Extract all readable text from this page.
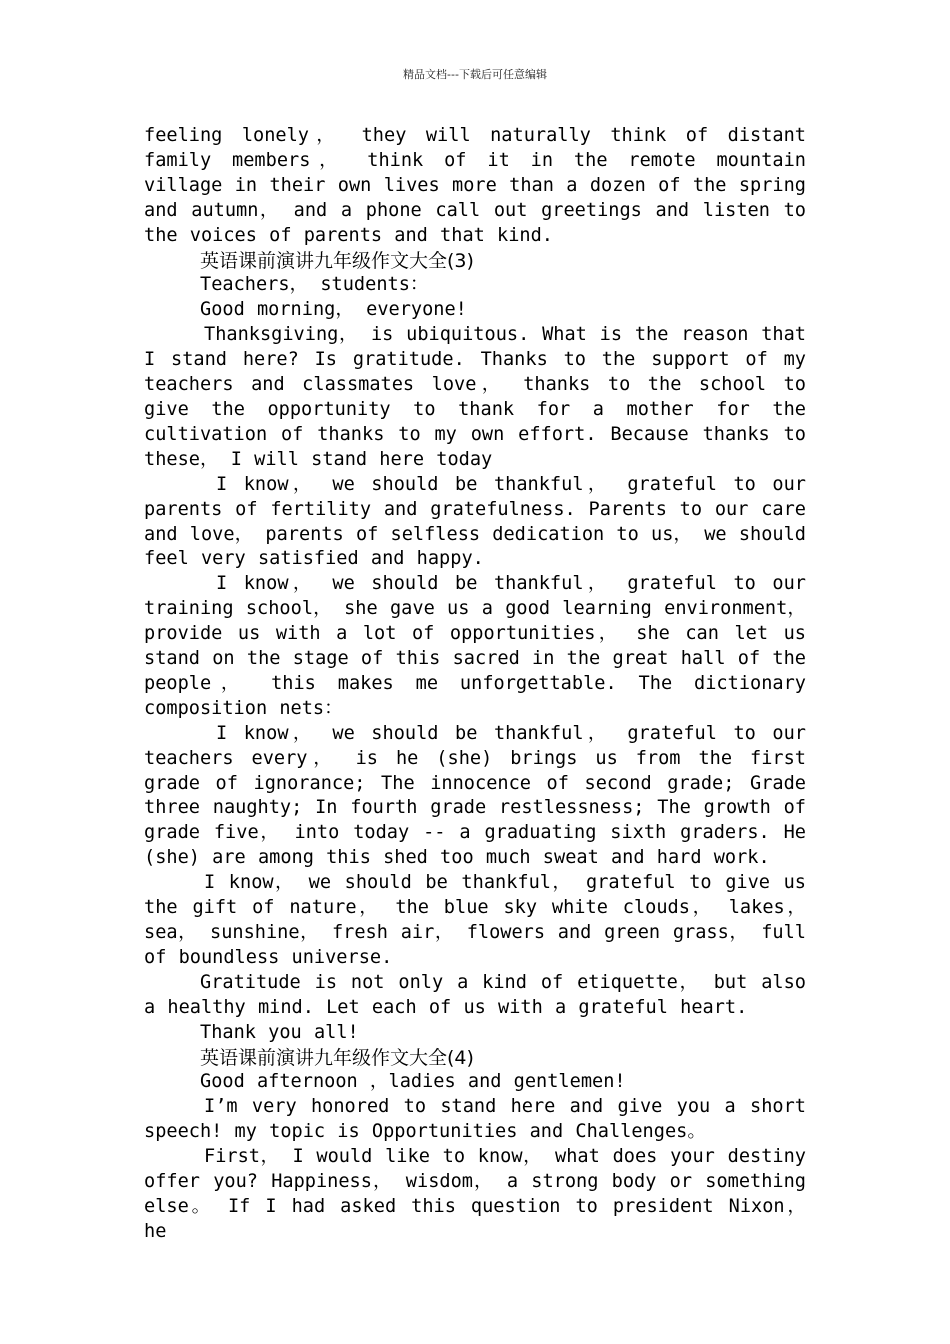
精品文档---下载后可任意编辑

feeling lonely， they will naturally think of distant family members， think of it in the remote mountain village in their own lives more than a dozen of the spring and autumn， and a phone call out greetings and listen to the voices of parents and that kind.

英语课前演讲九年级作文大全(3)

Teachers， students：

Good morning， everyone!

Thanksgiving， is ubiquitous. What is the reason that I stand here? Is gratitude. Thanks to the support of my teachers and classmates love， thanks to the school to give the opportunity to thank for a mother for the cultivation of thanks to my own effort. Because thanks to these， I will stand here today

I know， we should be thankful， grateful to our parents of fertility and gratefulness. Parents to our care and love， parents of selfless dedication to us， we should feel very satisfied and happy.

I know， we should be thankful， grateful to our training school， she gave us a good learning environment， provide us with a lot of opportunities， she can let us stand on the stage of this sacred in the great hall of the people， this makes me unforgettable. The dictionary composition nets：

I know， we should be thankful， grateful to our teachers every， is he (she) brings us from the first grade of ignorance; The innocence of second grade; Grade three naughty; In fourth grade restlessness; The growth of grade five， into today -- a graduating sixth graders. He (she) are among this shed too much sweat and hard work.

I know， we should be thankful， grateful to give us the gift of nature， the blue sky white clouds， lakes， sea， sunshine， fresh air， flowers and green grass， full of boundless universe.

Gratitude is not only a kind of etiquette， but also a healthy mind. Let each of us with a grateful heart.

Thank you all!

英语课前演讲九年级作文大全(4)

Good afternoon ，ladies and gentlemen!

I’m very honored to stand here and give you a short speech! my topic is Opportunities and Challenges。

First， I would like to know， what does your destiny offer you? Happiness， wisdom， a strong body or something else。 If I had asked this question to president Nixon， he
